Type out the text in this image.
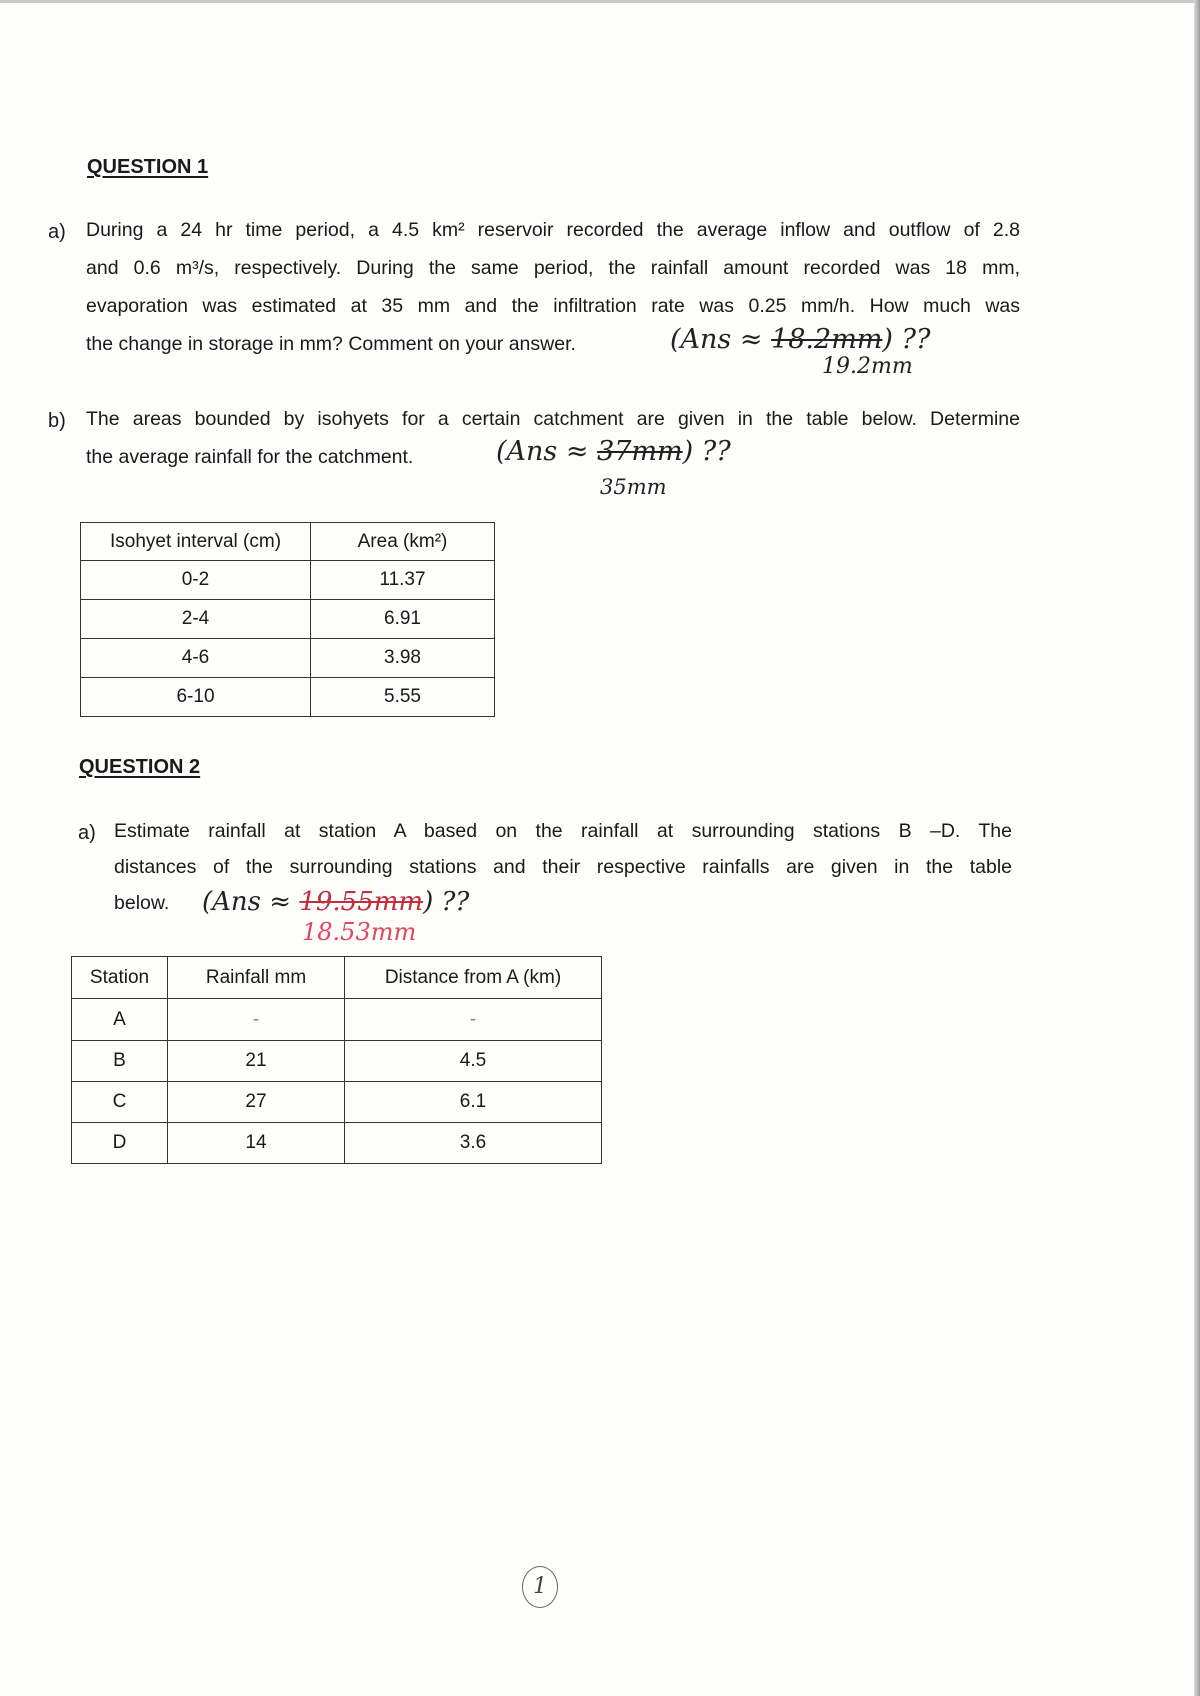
QUESTION 1
a) During a 24 hr time period, a 4.5 km² reservoir recorded the average inflow and outflow of 2.8
and 0.6 m³/s, respectively. During the same period, the rainfall amount recorded was 18 mm,
evaporation was estimated at 35 mm and the infiltration rate was 0.25 mm/h. How much was
the change in storage in mm? Comment on your answer.	(Ans ≈ 18.2mm) ??
19.2mm
b) The areas bounded by isohyets for a certain catchment are given in the table below. Determine
the average rainfall for the catchment.	(Ans ≈ 37mm) ??
35mm
Isohyet interval (cm)	Area (km²)
0-2	11.37
2-4	6.91
4-6	3.98
6-10	5.55
QUESTION 2
a) Estimate rainfall at station A based on the rainfall at surrounding stations B –D. The
distances of the surrounding stations and their respective rainfalls are given in the table
below.	(Ans ≈ 19.55mm) ??
18.53mm
Station	Rainfall mm	Distance from A (km)
A	-	-
B	21	4.5
C	27	6.1
D	14	3.6
1
